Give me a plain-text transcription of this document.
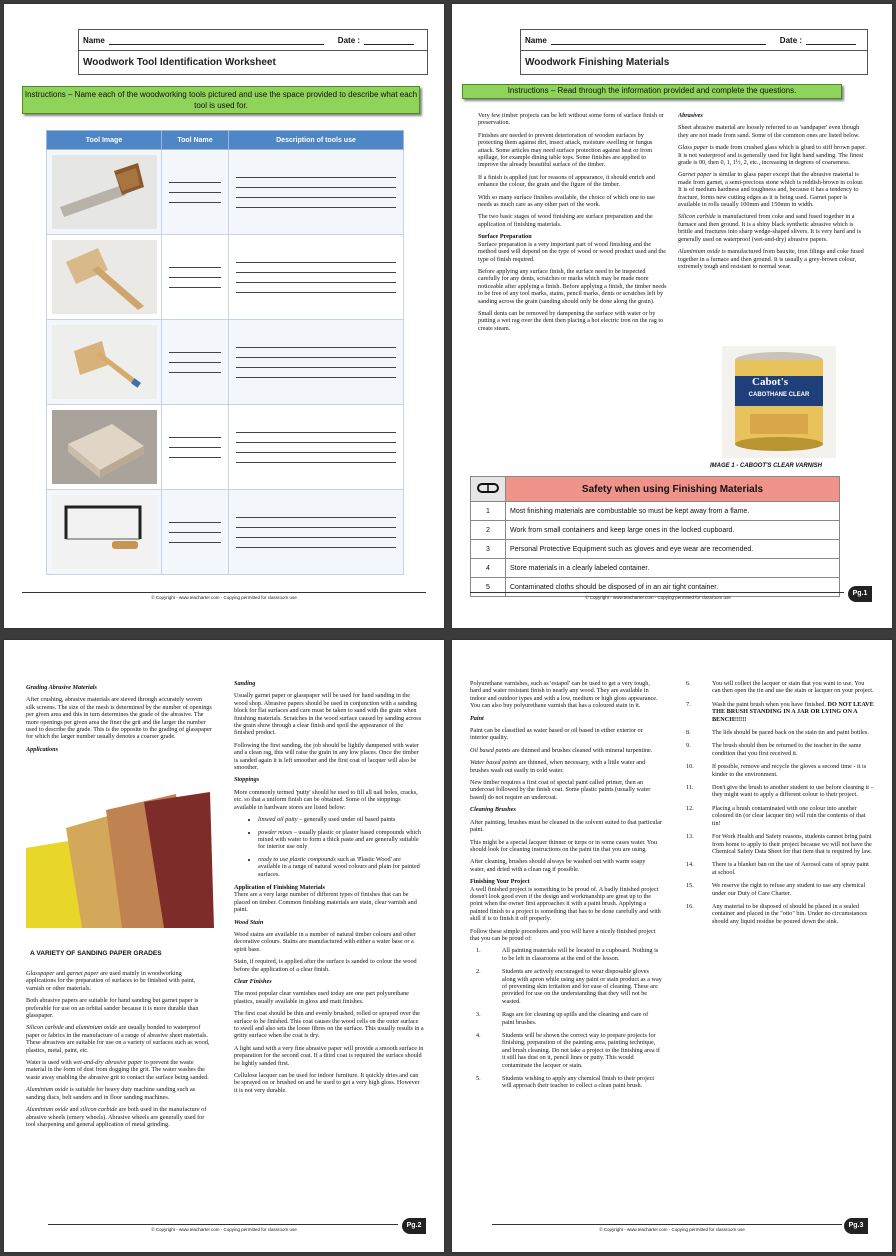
Name	Date :
Woodwork Tool Identification Worksheet
Instructions – Name each of the woodworking tools pictured and use the space provided to describe what each tool is used for.
Tool Image	Tool Name	Description of tools use

© Copyright - www.teacharter.com - Copying permitted for classroom use
Name	Date :
Woodwork Finishing Materials
Instructions – Read through the information provided and complete the questions.

Very few timber projects can be left without some form of surface finish or preservation.

Finishes are needed to prevent deterioration of wooden surfaces by protecting them against dirt, insect attack, moisture swelling or fungus attack. Some articles may need surface protection against heat or from spillage, for example dining table tops. Some finishes are applied to improve the already beautiful surface of the timber.

If a finish is applied just for reasons of appearance, it should enrich and enhance the colour, the grain and the figure of the timber.

With so many surface finishes available, the choice of which one to use needs as much care as any other part of the work.

The two basic stages of wood finishing are surface preparation and the application of finishing materials.

Surface Preparation

Surface preparation is a very important part of wood finishing and the method used will depend on the type of wood or wood product used and the type of finish required.

Before applying any surface finish, the surface need to be inspected carefully for any dents, scratches or marks which may be made more noticeable after applying a finish. Before applying a finish, the timber needs to be free of any tool marks, stains, pencil marks, dents or scratches left by sanding across the grain (sanding should only be done along the grain).

Small dents can be removed by dampening the surface with water or by putting a wet rag over the dent then placing a hot electric iron on the rag to create steam.

Abrasives

Sheet abrasive material are loosely referred to as 'sandpaper' even though they are not made from sand. Some of the common ones are listed below.

Glass paper is made from crushed glass which is glued to stiff brown paper. It is not waterproof and is generally used for light hand sanding. The finest grade is 00, then 0, 1, 1½, 2, etc., increasing in degrees of coarseness.

Garnet paper is similar to glass paper except that the abrasive material is made from garnet, a semi-precious stone which is reddish-brown in colour. It is of medium hardness and toughness and, because it has a tendency to fracture, forms new cutting edges as it is being used. Garnet paper is available in rolls usually 100mm and 150mm in width.

Silicon carbide is manufactured from coke and sand fused together in a furnace and then ground. It is a shiny black synthetic abrasive which is brittle and fractures into sharp wedge-shaped slivers. It is very hard and is generally used on waterproof (wet-and-dry) abrasive papers.

Aluminium oxide is manufactured from bauxite, iron filings and coke fused together in a furnace and then ground. It is usually a grey-brown colour, extremely tough and resistant to normal wear.

Cabot's
CABOTHANE CLEAR
IMAGE 1 - CABOOT'S CLEAR VARNISH
	Safety when using Finishing Materials
1	Most finishing materials are combustable so must be kept away from a flame.
2	Work from small containers and keep large ones in the locked cupboard.
3	Personal Protective Equipment such as gloves and eye wear are recomended.
4	Store materials in a clearly labeled container.
5	Contaminated cloths should be disposed of in an air tight container.
© Copyright - www.teacharter.com - Copying permitted for classroom use
Pg.1

Grading Abrasive Materials

After crushing, abrasive materials are sieved through accurately woven silk screens. The size of the mesh is determined by the number of openings per given area and this in turn determines the grade of the abrasive. The more openings per given area the finer the grit and the larger the number used to describe the grade. This is the opposite to the grading of glasspaper for which the larger number usually denotes a coarser grade.

Applications

A VARIETY OF SANDING PAPER GRADES

Glasspaper and garnet paper are used mainly in woodworking applications for the preparation of surfaces to be finished with paint, varnish or other materials.

Both abrasive papers are suitable for hand sanding but garnet paper is preferable for use on an orbital sander because it is more durable than glasspaper.

Silicon carbide and aluminium oxide are usually bonded to waterproof paper or fabrics in the manufacture of a range of abrasive sheet materials. These abrasives are suitable for use on a variety of surfaces such as wood, plastics, metal, paint, etc.

Water is used with wet-and-dry abrasive paper to prevent the waste material in the form of dust from dogging the grit. The water washes the waste away enabling the abrasive grit to contact the surface being sanded.

Aluminium oxide is suitable for heavy duty machine sanding such as sanding discs, belt sanders and in floor sanding machines.

Aluminium oxide and silicon carbide are both used in the manufacture of abrasive wheels (emery wheels). Abrasive wheels are generally used for tool sharpening and general application of metal grinding.

Sanding

Usually garnet paper or glasspaper will be used for hand sanding in the wood shop. Abrasive papers should be used in conjunction with a sanding block for flat surfaces and care must be taken to sand with the grain when finishing materials. Scratches in the wood surface caused by sanding across the grain show through a clear finish and spoil the appearance of the finished product.

Following the first sanding, the job should be lightly dampened with water and a clean rag, this will raise the grain in any low places. Once the timber is sanded again it is left smoother and the first coat of lacquer will also be smoother.

Stoppings

More commonly termed 'putty' should be used to fill all nail holes, cracks, etc. so that a uniform finish can be obtained. Some of the stoppings available in hardware stores are listed below:

• linseed oil putty – generally used under oil based paints
• powder mixes – usually plastic or plaster based compounds which mixed with water to form a thick paste and are generally suitable for interior use only
• ready to use plastic compounds such as 'Plastic Wood' are available in a range of natural wood colours and plain for painted surfaces.

Application of Finishing Materials

There are a very large number of different types of finishes that can be placed on timber. Common finishing materials are stain, clear varnish and paint.

Wood Stain

Wood stains are available in a number of natural timber colours and other decorative colours. Stains are manufactured with either a water base or a spirit base.

Stain, if required, is applied after the surface is sanded to colour the wood before the application of a clear finish.

Clear Finishes

The most popular clear varnishes used today are one part polyurethane plastics, usually available in gloss and matt finishes.

The first coat should be thin and evenly brushed, rolled or sprayed over the surface to be finished. This coat causes the wood cells on the outer surface to swell and also sets the loose fibres on the surface. This usually results in a gritty surface when the coat is dry.

A light sand with a very fine abrasive paper will provide a smooth surface in preparation for the second coat. If a third coat is required the surface should be lightly sanded first.

Cellulose lacquer can be used for indoor furniture. It quickly dries and can be sprayed on or brushed on and be used to get a very high gloss. However it is not very durable.

© Copyright - www.teacharter.com - Copying permitted for classroom use
Pg.2

Polyurethane varnishes, such as 'estapol' can be used to get a very tough, hard and water resistant finish to nearly any wood. They are available in indoor and outdoor types and with a low, medium or high gloss appearance. You can also buy polyurethane varnish that has a coloured stain in it.

Paint

Paint can be classified as water based or oil based in either exterior or interior quality.

Oil based paints are thinned and brushes cleaned with mineral turpentine.

Water based paints are thinned, when necessary, with a little water and brushes wash out easily in cold water.

New timber requires a first coat of special paint called primer, then an undercoat followed by the finish coat. Some plastic paints (usually water based) do not require an undercoat.

Cleaning Brushes

After painting, brushes must be cleaned in the solvent suited to that particular paint.

This might be a special lacquer thinner or turps or in some cases water. You should look for cleaning instructions on the paint tin that you are using.

After cleaning, brushes should always be washed out with warm soapy water, and dried with a clean rag if possible.

Finishing Your Project

A well finished project is something to be proud of. A badly finished project doesn't look good even if the design and workmanship are great up to the point when the owner first approaches it with a paint brush. Applying a painted finish to a project is something that has to be done carefully and with skill if is to finish it off properly.

Follow these simple procedures and you will have a nicely finished project that you can be proud of:

1.	All painting materials will be located in a cupboard. Nothing is to be left in classrooms at the end of the lesson.
2.	Students are actively encouraged to wear disposable gloves along with apron while using any paint or stain product as a way of preventing skin irritation and for ease of cleaning. These are provided for use on the understanding that they will not be wasted.
3.	Rags are for cleaning up spills and the cleaning and care of paint brushes.
4.	Students will be shown the correct way to prepare projects for finishing, preparation of the painting area, painting technique, and brush cleaning. Do not take a project to the finishing area if it still has dust on it, pencil lines or putty. This would contaminate the lacquer or stain.
5.	Students wishing to apply any chemical finish to their project will approach their teacher to collect a clean paint brush.
6.	You will collect the lacquer or stain that you want to use. You can then open the tin and use the stain or lacquer on your project.
7.	Wash the paint brush when you have finished. DO NOT LEAVE THE BRUSH STANDING IN A JAR OR LYING ON A BENCH!!!!!!
8.	The lids should be paced back on the stain tin and paint bottles.
9.	The brush should then be returned to the teacher in the same condition that you first received it.
10.	If possible, remove and recycle the gloves a second time - it is kinder to the environment.
11.	Don't give the brush to another student to use before cleaning it – they might want to apply a different colour to their project.
12.	Placing a brush contaminated with one colour into another coloured tin (or clear lacquer tin) will ruin the contents of that tin!
13.	For Work Health and Safety reasons, students cannot bring paint from home to apply to their project because we will not have the Chemical Safety Data Sheet for that item that is required by law.
14.	There is a blanket ban on the use of Aerosol cans of spray paint at school.
15.	We reserve the right to refuse any student to use any chemical under our Duty of Care Charter.
16.	Any material to be disposed of should be placed in a sealed container and placed in the "otto" bin. Under no circumstances should any liquid residue be poured down the sink.
© Copyright - www.teacharter.com - Copying permitted for classroom use
Pg.3
